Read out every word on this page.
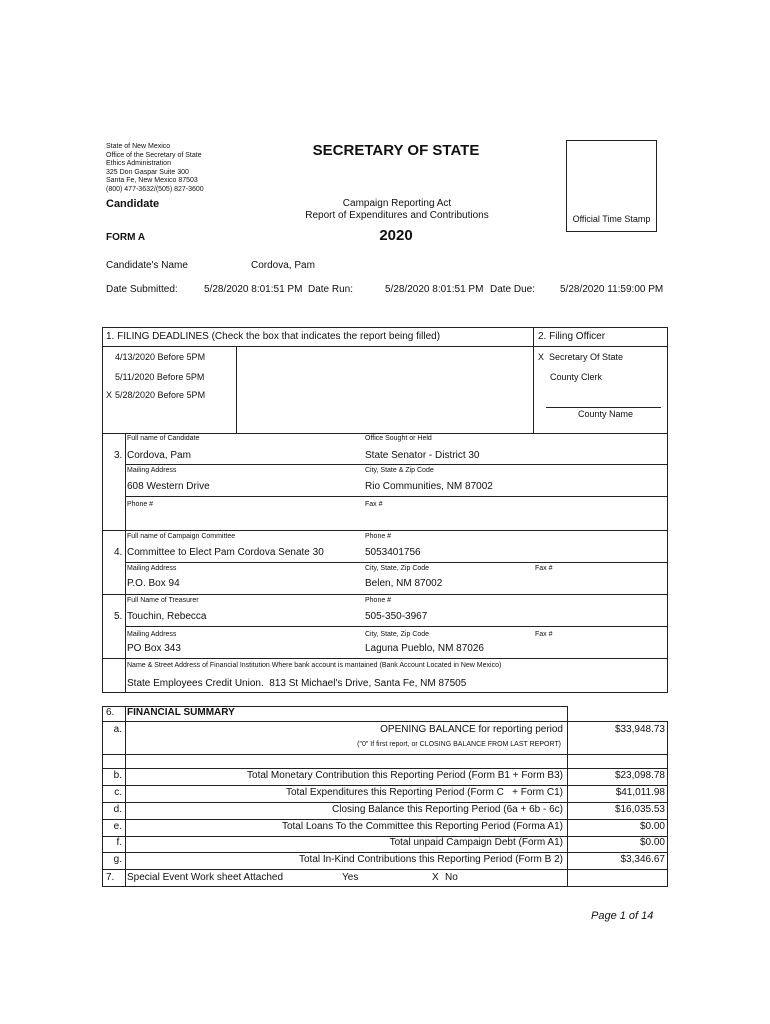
State of New Mexico
Office of the Secretary of State
Ethics Administration
325 Don Gaspar Suite 300
Santa Fe, New Mexico 87503
(800) 477-3632/(505) 827-3600
SECRETARY OF STATE
Official Time Stamp
Candidate	Campaign Reporting Act
Report of Expenditures and Contributions
FORM A	2020
Candidate's Name	Cordova, Pam
Date Submitted:	5/28/2020 8:01:51 PM Date Run:	5/28/2020 8:01:51 PM Date Due: 5/28/2020 11:59:00 PM
1. FILING DEADLINES (Check the box that indicates the report being filled)	2. Filing Officer
4/13/2020 Before 5PM
5/11/2020 Before 5PM
X 5/28/2020 Before 5PM
X Secretary Of State
County Clerk
County Name
Full name of Candidate	Office Sought or Held
3. Cordova, Pam	State Senator - District 30
Mailing Address	City, State & Zip Code
608 Western Drive	Rio Communities, NM 87002
Phone #	Fax #
Full name of Campaign Committee	Phone #
4. Committee to Elect Pam Cordova Senate 30	5053401756
Mailing Address	City, State, Zip Code	Fax #
P.O. Box 94	Belen, NM 87002
Full Name of Treasurer	Phone #
5. Touchin, Rebecca	505-350-3967
Mailing Address	City, State, Zip Code	Fax #
PO Box 343	Laguna Pueblo, NM 87026
Name & Street Address of Financial Institution Where bank account is mantained (Bank Account Located in New Mexico)
State Employees Credit Union.  813 St Michael's Drive, Santa Fe, NM 87505
6. FINANCIAL SUMMARY
a.	OPENING BALANCE for reporting period	$33,948.73
("0" If first report, or CLOSING BALANCE FROM LAST REPORT)
b.	Total Monetary Contribution this Reporting Period (Form B1 + Form B3)	$23,098.78
c.	Total Expenditures this Reporting Period (Form C   + Form C1)	$41,011.98
d.	Closing Balance this Reporting Period (6a + 6b - 6c)	$16,035.53
e.	Total Loans To the Committee this Reporting Period (Forma A1)	$0.00
f.	Total unpaid Campaign Debt (Form A1)	$0.00
g.	Total In-Kind Contributions this Reporting Period (Form B 2)	$3,346.67
7. Special Event Work sheet Attached	Yes	X No
Page 1 of 14
